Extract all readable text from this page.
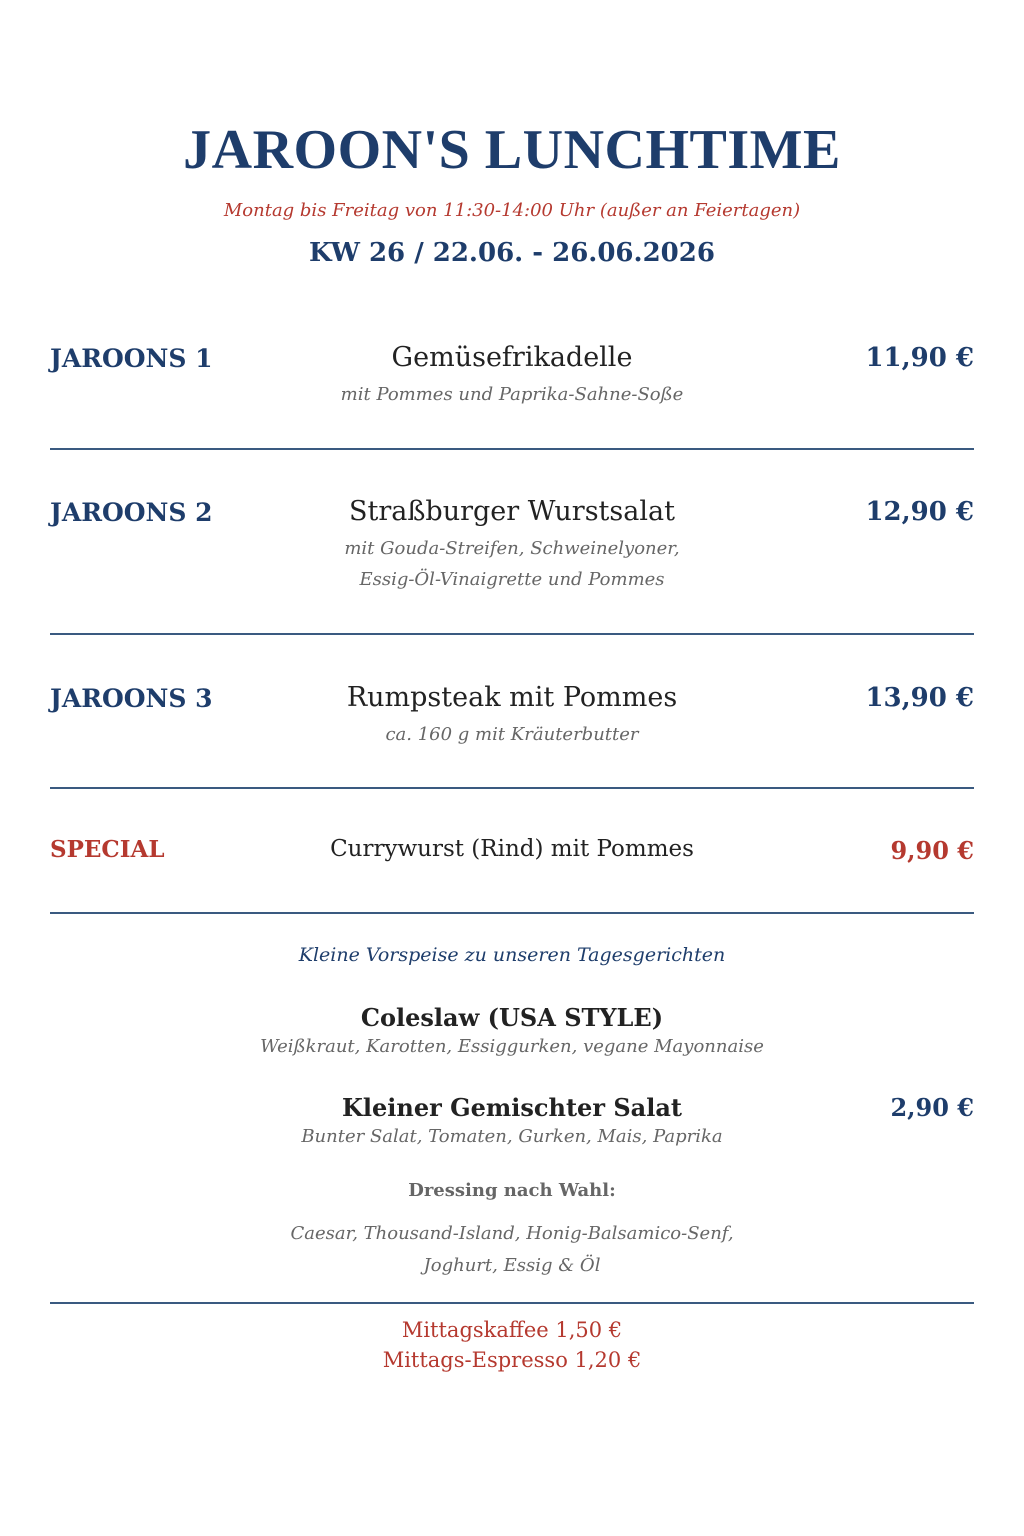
JAROON'S LUNCHTIME
Montag bis Freitag von 11:30-14:00 Uhr (außer an Feiertagen)
KW 26 / 22.06. - 26.06.2026
JAROONS 1	Gemüsefrikadelle
mit Pommes und Paprika-Sahne-Soße
11,90 €
JAROONS 2	Straßburger Wurstsalat
mit Gouda-Streifen, Schweinelyoner,
Essig-Öl-Vinaigrette und Pommes
12,90 €
JAROONS 3	Rumpsteak mit Pommes
ca. 160 g mit Kräuterbutter
13,90 €
SPECIAL	Currywurst (Rind) mit Pommes	9,90 €
Kleine Vorspeise zu unseren Tagesgerichten
Coleslaw (USA STYLE)
Weißkraut, Karotten, Essiggurken, vegane Mayonnaise
Kleiner Gemischter Salat
Bunter Salat, Tomaten, Gurken, Mais, Paprika
2,90 €
Dressing nach Wahl:
Caesar, Thousand-Island, Honig-Balsamico-Senf,
Joghurt, Essig & Öl
Mittagskaffee 1,50 €
Mittags-Espresso 1,20 €
